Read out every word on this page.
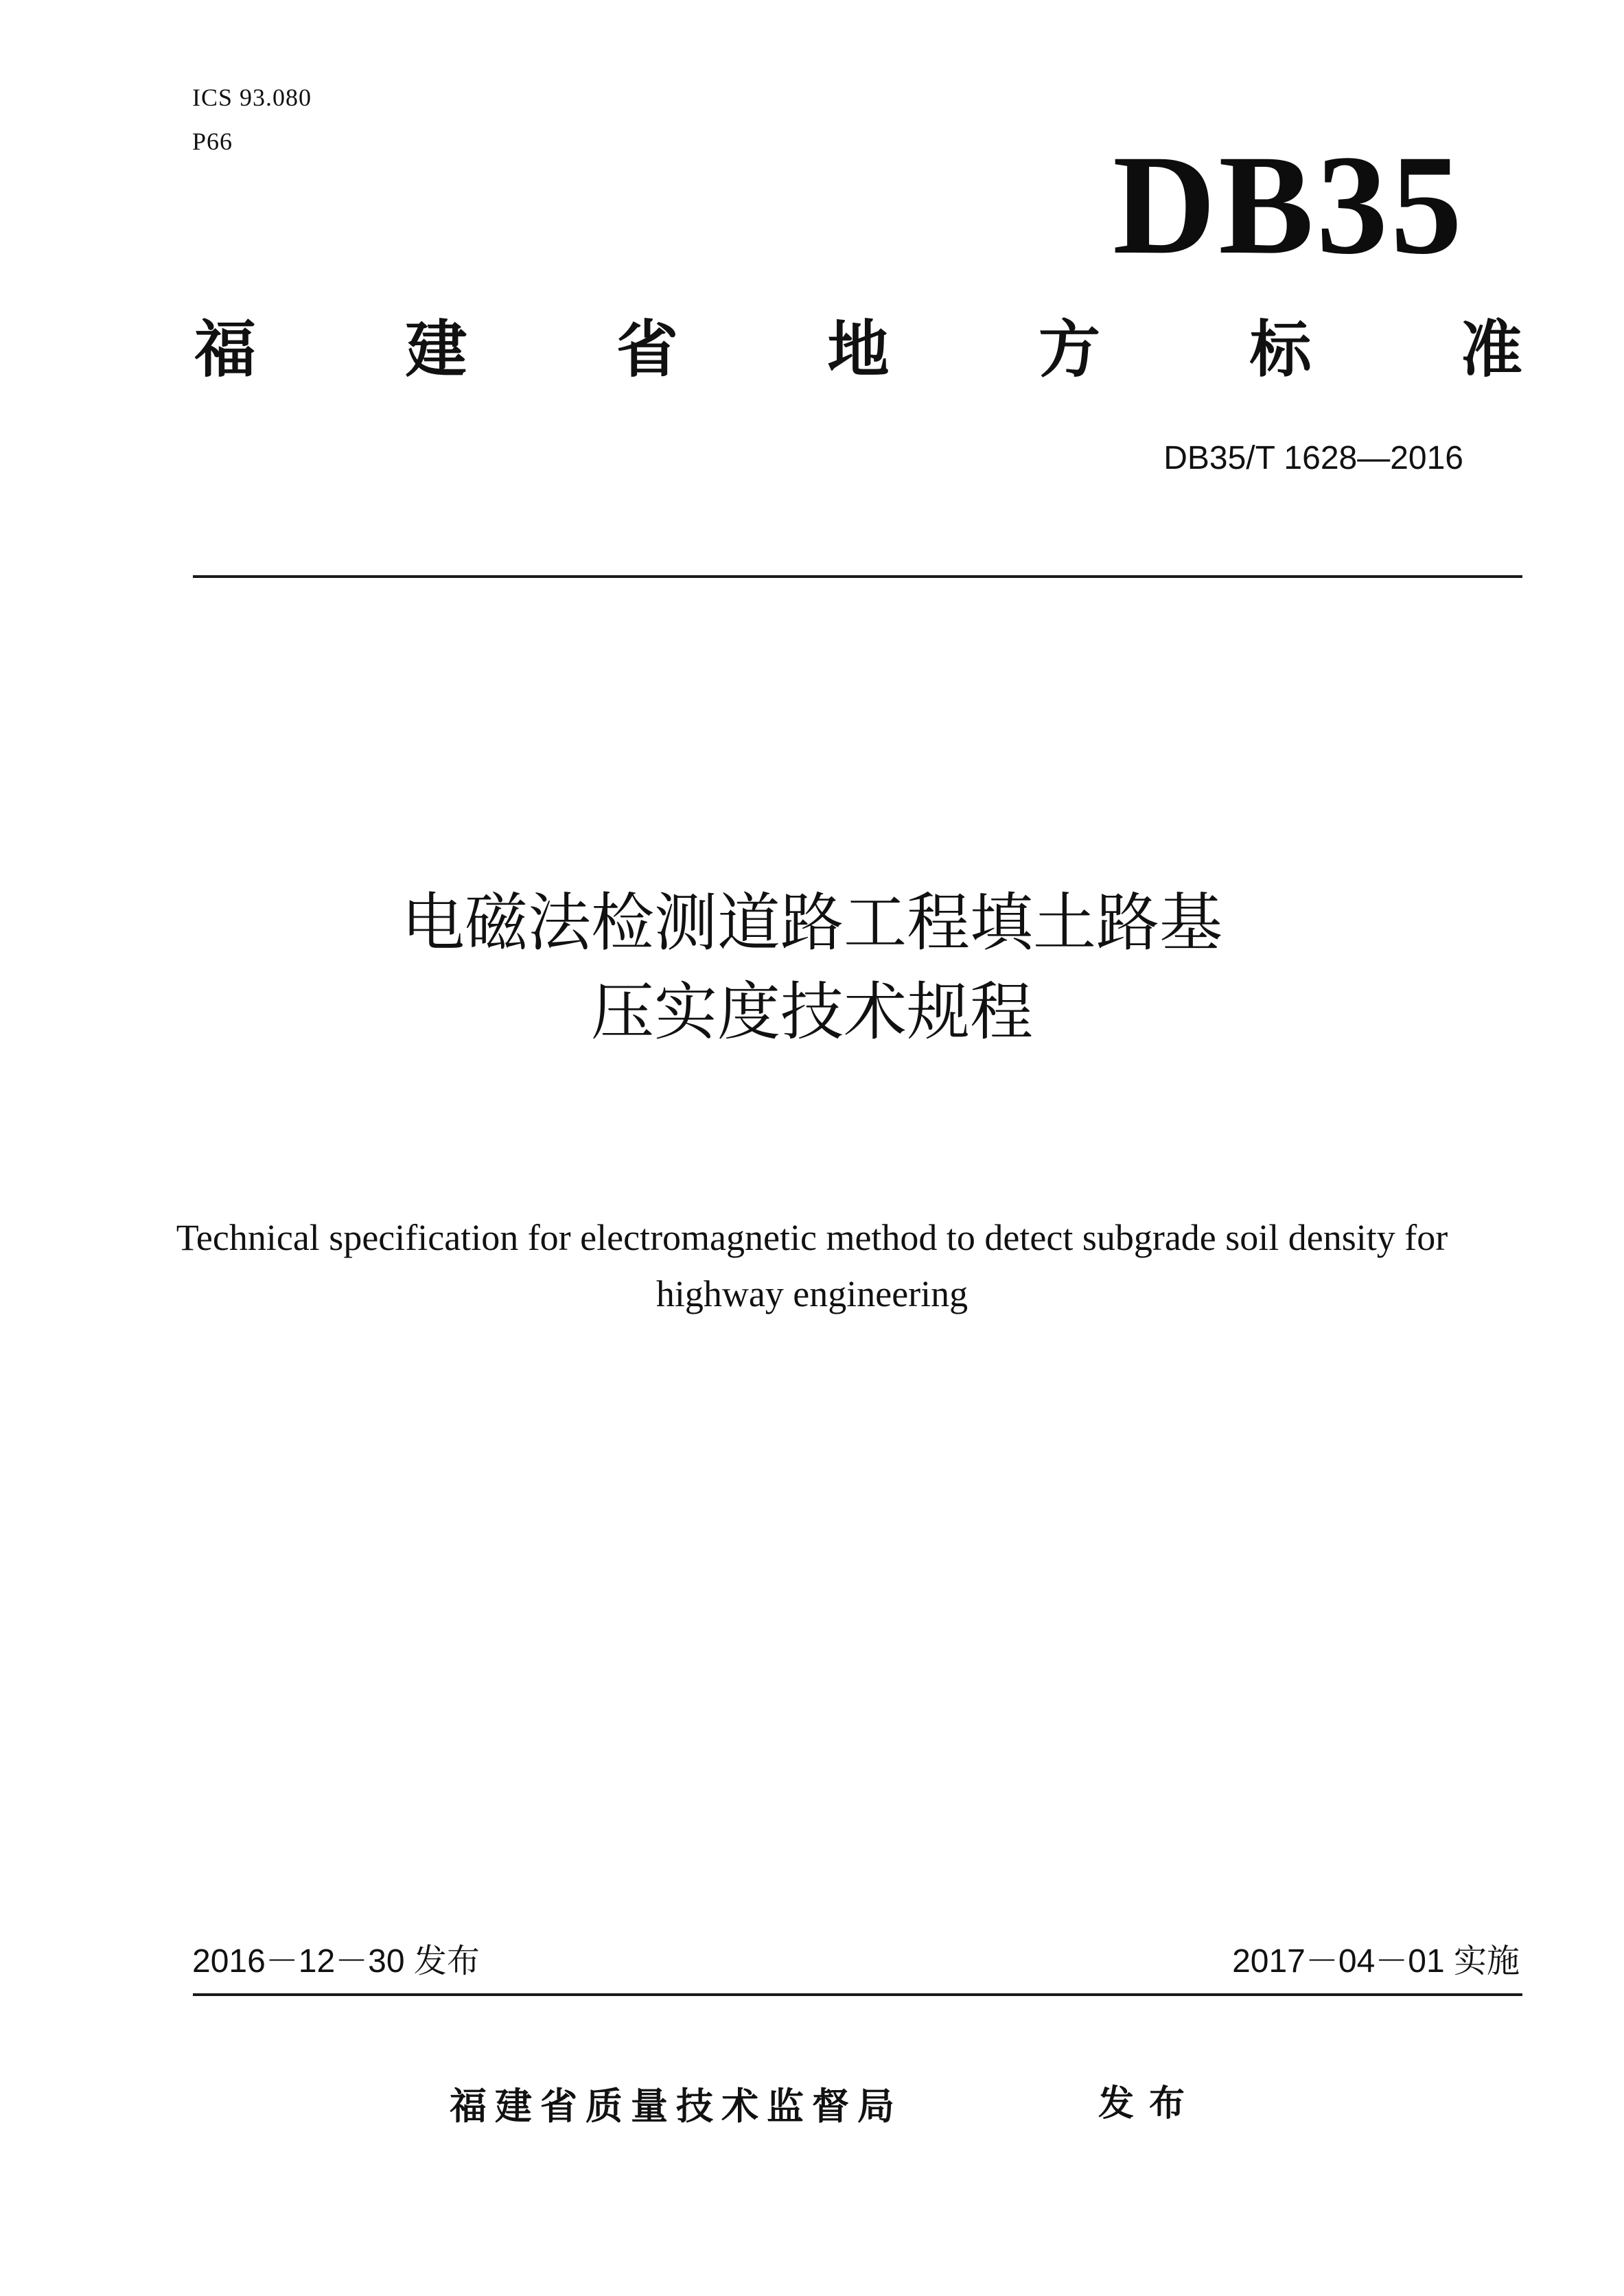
ICS 93.080
P66	DB35
福 建 省 地 方 标 准
DB35/T 1628—2016
电磁法检测道路工程填土路基
压实度技术规程
Technical specification for electromagnetic method to detect subgrade soil density for
highway engineering
2016－12－30 发布	2017－04－01 实施
福建省质量技术监督局	发布
